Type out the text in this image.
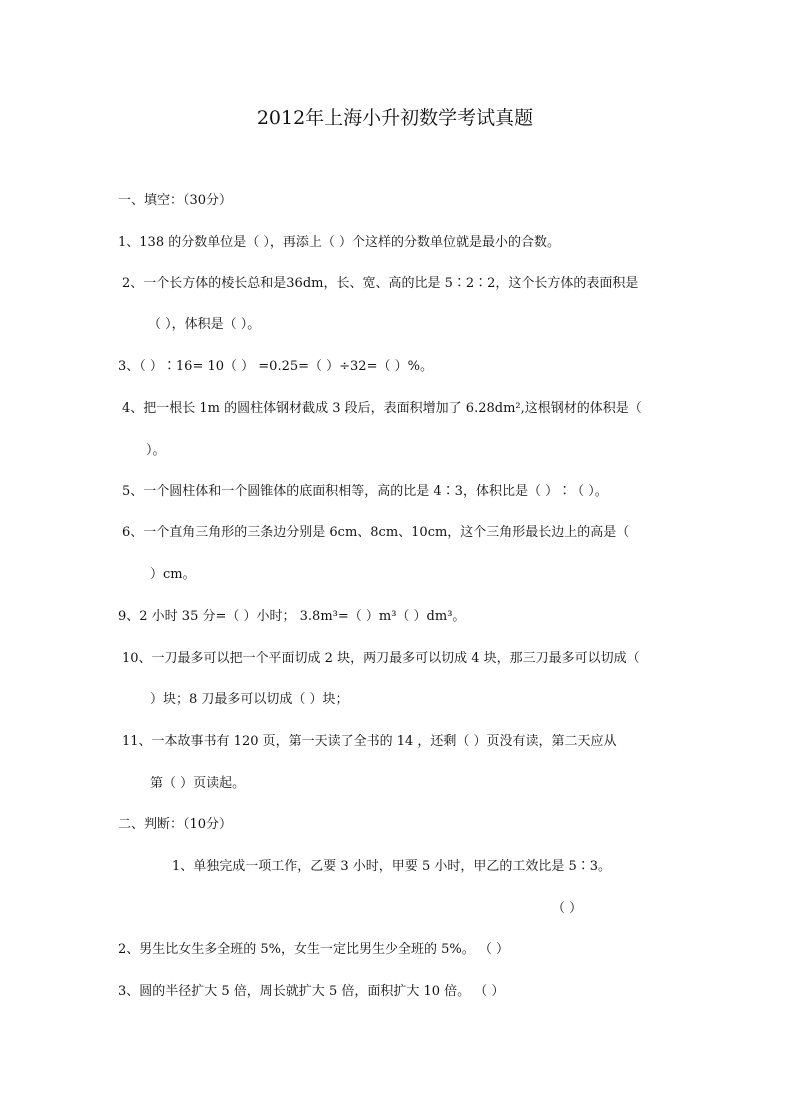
2012年上海小升初数学考试真题
一、填空：（30分）
1、138 的分数单位是（ ），再添上（ ）个这样的分数单位就是最小的合数。
2、一个长方体的棱长总和是36dm，长、宽、高的比是 5∶2∶2，这个长方体的表面积是
（ ），体积是（ ）。
3、（ ）∶16= 10（ ） =0.25=（ ）÷32=（ ）%。
4、把一根长 1m 的圆柱体钢材截成 3 段后，表面积增加了 6.28dm²,这根钢材的体积是（
）。
5、一个圆柱体和一个圆锥体的底面积相等，高的比是 4∶3，体积比是（ ）∶（ ）。
6、一个直角三角形的三条边分别是 6cm、8cm、10cm，这个三角形最长边上的高是（
）cm。
9、2 小时 35 分=（ ）小时； 3.8m³=（ ）m³（ ）dm³。
10、一刀最多可以把一个平面切成 2 块，两刀最多可以切成 4 块，那三刀最多可以切成（
）块；8 刀最多可以切成（ ）块；
11、一本故事书有 120 页，第一天读了全书的 14 ，还剩（ ）页没有读，第二天应从
第（ ）页读起。
二、判断：（10分）
1、单独完成一项工作，乙要 3 小时，甲要 5 小时，甲乙的工效比是 5∶3。
（ ）
2、男生比女生多全班的 5%，女生一定比男生少全班的 5%。 （ ）
3、圆的半径扩大 5 倍，周长就扩大 5 倍，面积扩大 10 倍。 （ ）
